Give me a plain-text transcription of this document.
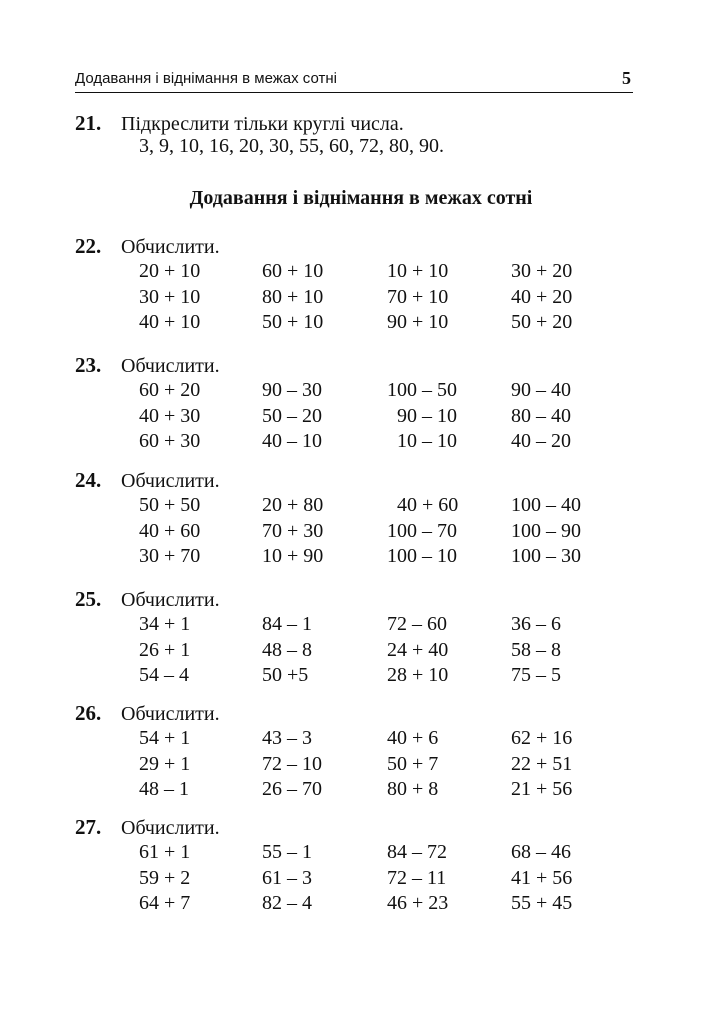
Додавання і віднімання в межах сотні	5
21. Підкреслити тільки круглі числа.
3, 9, 10, 16, 20, 30, 55, 60, 72, 80, 90.
Додавання і віднімання в межах сотні
22. Обчислити.
20 + 10	60 + 10	10 + 10	30 + 20
30 + 10	80 + 10	70 + 10	40 + 20
40 + 10	50 + 10	90 + 10	50 + 20
23. Обчислити.
60 + 20	90 – 30	100 – 50	90 – 40
40 + 30	50 – 20	90 – 10	80 – 40
60 + 30	40 – 10	10 – 10	40 – 20
24. Обчислити.
50 + 50	20 + 80	40 + 60	100 – 40
40 + 60	70 + 30	100 – 70	100 – 90
30 + 70	10 + 90	100 – 10	100 – 30
25. Обчислити.
34 + 1	84 – 1	72 – 60	36 – 6
26 + 1	48 – 8	24 + 40	58 – 8
54 – 4	50 +5	28 + 10	75 – 5
26. Обчислити.
54 + 1	43 – 3	40 + 6	62 + 16
29 + 1	72 – 10	50 + 7	22 + 51
48 – 1	26 – 70	80 + 8	21 + 56
27. Обчислити.
61 + 1	55 – 1	84 – 72	68 – 46
59 + 2	61 – 3	72 – 11	41 + 56
64 + 7	82 – 4	46 + 23	55 + 45
